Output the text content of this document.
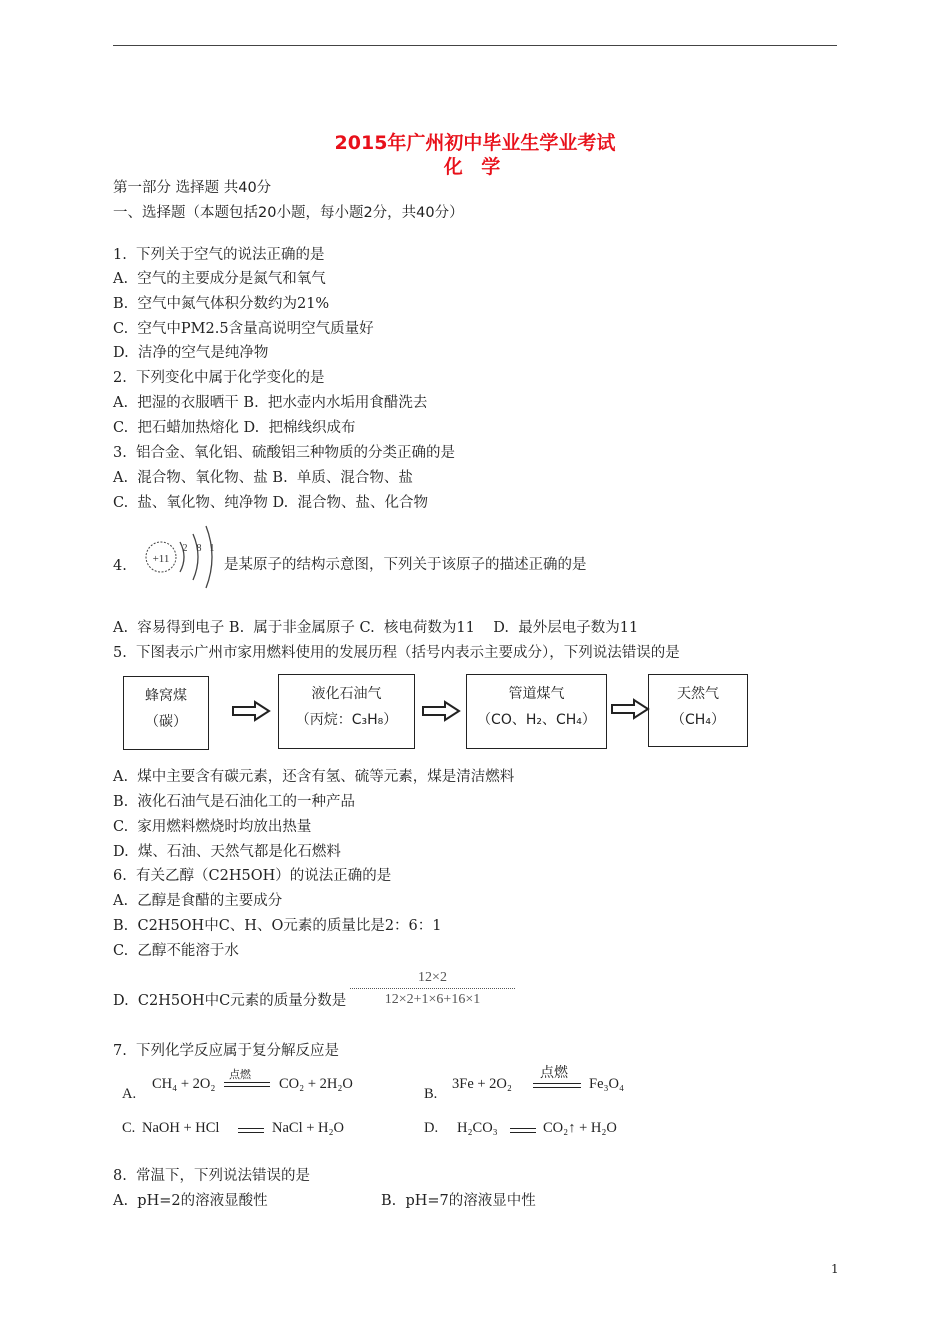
2015年广州初中毕业生学业考试
化 学
第一部分 选择题 共40分
一、选择题（本题包括20小题，每小题2分，共40分）
1.  下列关于空气的说法正确的是
A.  空气的主要成分是氮气和氧气
B.  空气中氮气体积分数约为21%
C.  空气中PM2.5含量高说明空气质量好
D.  洁净的空气是纯净物
2.  下列变化中属于化学变化的是
A.  把湿的衣服晒干 B.  把水壶内水垢用食醋洗去
C.  把石蜡加热熔化 D.  把棉线织成布
3.  铝合金、氧化铝、硫酸铝三种物质的分类正确的是
A.  混合物、氧化物、盐 B.  单质、混合物、盐
C.  盐、氧化物、纯净物 D.  混合物、盐、化合物
4. +11
2 8 1
是某原子的结构示意图，下列关于该原子的描述正确的是
A.  容易得到电子 B.  属于非金属原子 C.  核电荷数为11    D.  最外层电子数为11
5.  下图表示广州市家用燃料使用的发展历程（括号内表示主要成分），下列说法错误的是
蜂窝煤
（碳）
液化石油气
（丙烷：C₃H₈）
管道煤气
（CO、H₂、CH₄）
天然气
（CH₄）
A.  煤中主要含有碳元素，还含有氢、硫等元素，煤是清洁燃料
B.  液化石油气是石油化工的一种产品
C.  家用燃料燃烧时均放出热量
D.  煤、石油、天然气都是化石燃料
6.  有关乙醇（C2H5OH）的说法正确的是
A.  乙醇是食醋的主要成分
B.  C2H5OH中C、H、O元素的质量比是2：6：1
C.  乙醇不能溶于水
D.  C2H5OH中C元素的质量分数是 $\frac{12\times 2}{12\times 2+1\times 6+16\times 1}$
7.  下列化学反应属于复分解反应是
A.
CH₄ + 2O₂
点燃
CO₂ + 2H₂O
B.
3Fe + 2O₂
点燃
Fe₃O₄
C. NaOH + HCl	NaCl + H₂O	D. H₂CO₃	CO₂↑ + H₂O
8.  常温下，下列说法错误的是
A.  pH=2的溶液显酸性	B.  pH=7的溶液显中性
1
